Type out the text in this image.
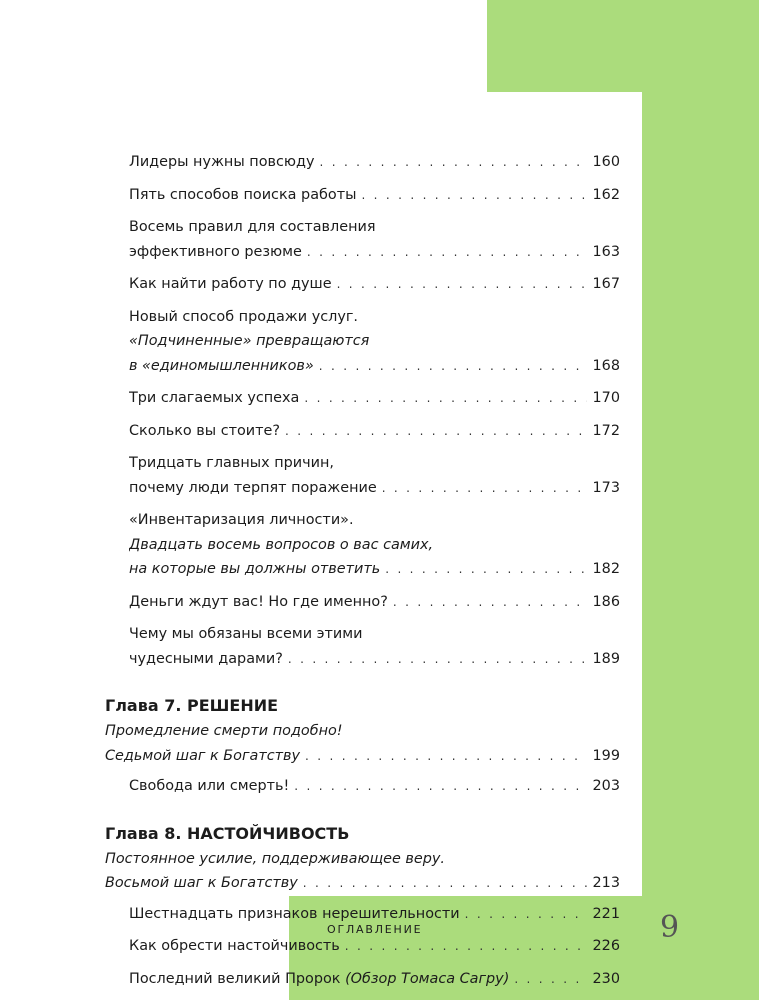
Лидеры нужны повсюду . . .	160
Пять способов поиска работы . . .	162
Восемь правил для составления
эффективного резюме . . .	163
Как найти работу по душе . . .	167
Новый способ продажи услуг.
«Подчиненные» превращаются
в «единомышленников» . . .	168
Три слагаемых успеха . . .	170
Сколько вы стоите? . . .	172
Тридцать главных причин,
почему люди терпят поражение . . .	173
«Инвентаризация личности».
Двадцать восемь вопросов о вас самих,
на которые вы должны ответить . . .	182
Деньги ждут вас! Но где именно? . . .	186
Чему мы обязаны всеми этими
чудесными дарами? . . .	189
Глава 7. РЕШЕНИЕ
Промедление смерти подобно!
Седьмой шаг к Богатству . . .	199
Свобода или смерть! . . .	203
Глава 8. НАСТОЙЧИВОСТЬ
Постоянное усилие, поддерживающее веру.
Восьмой шаг к Богатству . . .	213
Шестнадцать признаков нерешительности . . .	221
Как обрести настойчивость . . .	226
Последний великий Пророк
(Обзор Томаса Сагру) . . .	230
ОГЛАВЛЕНИЕ	9
